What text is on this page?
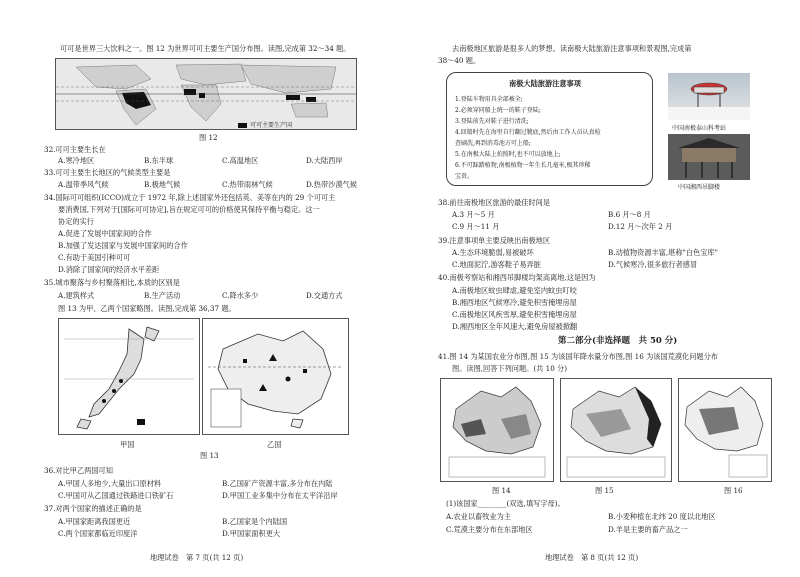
可可是世界三大饮料之一。图 12 为世界可可主要生产国分布图。读图,完成第 32～34 题。
可可主要生产国
图 12
32.可可主要生长在
A.寒冷地区	B.东半球	C.高温地区	D.大陆西岸
33.可可主要生长地区的气候类型主要是
A.温带季风气候	B.极地气候	C.热带雨林气候	D.热带沙漠气候
34.国际可可组织(ICCO)成立于 1972 年,除上述国家外还包括英、美等在内的 29 个可可主
要消费国,下列对于[国际可可协定],旨在规定可可的价格使其保持平衡与稳定。这一
协定的实行
A.促进了发展中国家间的合作
B.加强了发达国家与发展中国家间的合作
C.有助于美国引种可可
D.消除了国家间的经济水平差距
35.城市聚落与乡村聚落相比,本质的区别是
A.建筑样式	B.生产活动	C.降水多少	D.交通方式
图 13 为甲、乙两个国家略图。读图,完成第 36,37 题。
甲国	乙国
图 13
36.对比甲乙两国可知
A.甲国人多地少,大量出口原材料	B.乙国矿产资源丰富,多分布在内陆
C.甲国可从乙国通过铁路进口铁矿石	D.甲国工业多集中分布在太平洋沿岸
37.对两个国家的描述正确的是
A.甲国家距离我国更近	B.乙国家是个内陆国
C.两个国家都临近印度洋	D.甲国家面积更大
地理试卷　第 7 页(共 12 页)
去南极地区旅游是很多人的梦想。读南极大陆旅游注意事项和景观图,完成第
38～40 题。
南极大陆旅游注意事项
1.登陆车物用具全部被全;
2.必须穿同船上统一的鞋子登陆;
3.登陆前先对鞋子进行清洗;
4.回船时先在海里自行翻过靴底,然后由工作人员认真检
查刷洗,再到消毒池方可上船;
5.在南极大陆上拍照时,也不可以放地上;
6.不可踩踏植物,南极植物一年生长几毫米,极其珍稀
宝贵。
中国南极泰山科考站
中国湘西吊脚楼
38.前往南极地区旅游的最佳时间是
A.3 月～5 月	B.6 月～8 月
C.9 月～11 月	D.12 月～次年 2 月
39.注意事项单主要反映出南极地区
A.生态环境脆弱,易被破坏	B.动植物资源丰富,堪称"白色宝库"
C.地面泥泞,游客鞋子易弄脏	D.气候寒冷,很多旅行者感冒
40.南极考察站和湘西吊脚楼均架高离地,这是因为
A.南极地区蚊虫肆虐,避免室内蚊虫叮咬
B.湘西地区气候寒冷,避免积雪掩埋房屋
C.南极地区风疾雪厚,避免积雪掩埋房屋
D.湘西地区全年风速大,避免房屋被掀翻
第二部分(非选择题　共 50 分)
41.图 14 为某国农业分布图,图 15 为该国年降水量分布图,图 16 为该国荒漠化问题分布
图。读图,回答下列问题。(共 10 分)
图 14	图 15	图 16
(1)该国家________(双选,填写字母)。
A.农业以畜牧业为主	B.小麦种植在北纬 20 度以北地区
C.荒漠主要分布在东部地区	D.羊是主要的畜产品之一
地理试卷　第 8 页(共 12 页)
